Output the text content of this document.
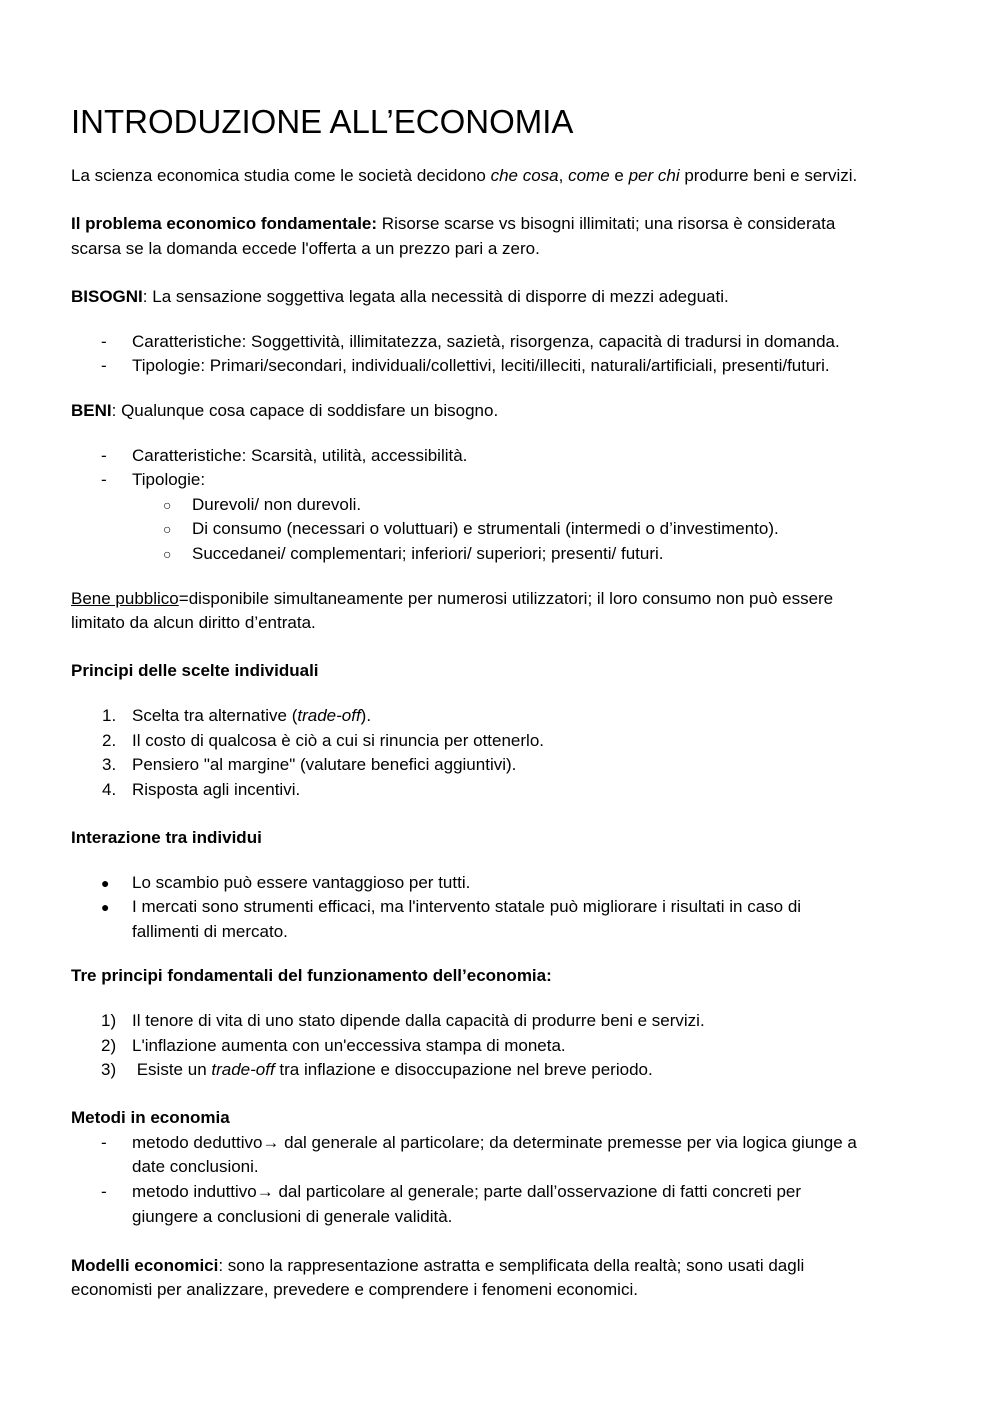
INTRODUZIONE ALL’ECONOMIA
La scienza economica studia come le società decidono che cosa, come e per chi produrre beni e servizi.
Il problema economico fondamentale: Risorse scarse vs bisogni illimitati; una risorsa è considerata
scarsa se la domanda eccede l'offerta a un prezzo pari a zero.
BISOGNI: La sensazione soggettiva legata alla necessità di disporre di mezzi adeguati.
- Caratteristiche: Soggettività, illimitatezza, sazietà, risorgenza, capacità di tradursi in domanda.
- Tipologie: Primari/secondari, individuali/collettivi, leciti/illeciti, naturali/artificiali, presenti/futuri.
BENI: Qualunque cosa capace di soddisfare un bisogno.
- Caratteristiche: Scarsità, utilità, accessibilità.
- Tipologie:
○ Durevoli/ non durevoli.
○ Di consumo (necessari o voluttuari) e strumentali (intermedi o d’investimento).
○ Succedanei/ complementari; inferiori/ superiori; presenti/ futuri.
Bene pubblico=disponibile simultaneamente per numerosi utilizzatori; il loro consumo non può essere
limitato da alcun diritto d’entrata.
Principi delle scelte individuali
1. Scelta tra alternative (trade-off).
2. Il costo di qualcosa è ciò a cui si rinuncia per ottenerlo.
3. Pensiero "al margine" (valutare benefici aggiuntivi).
4. Risposta agli incentivi.
Interazione tra individui
● Lo scambio può essere vantaggioso per tutti.
● I mercati sono strumenti efficaci, ma l'intervento statale può migliorare i risultati in caso di
fallimenti di mercato.
Tre principi fondamentali del funzionamento dell’economia:
1) Il tenore di vita di uno stato dipende dalla capacità di produrre beni e servizi.
2) L'inflazione aumenta con un'eccessiva stampa di moneta.
3) Esiste un trade-off tra inflazione e disoccupazione nel breve periodo.
Metodi in economia
- metodo deduttivo→ dal generale al particolare; da determinate premesse per via logica giunge a
date conclusioni.
- metodo induttivo→ dal particolare al generale; parte dall’osservazione di fatti concreti per
giungere a conclusioni di generale validità.
Modelli economici: sono la rappresentazione astratta e semplificata della realtà; sono usati dagli
economisti per analizzare, prevedere e comprendere i fenomeni economici.
